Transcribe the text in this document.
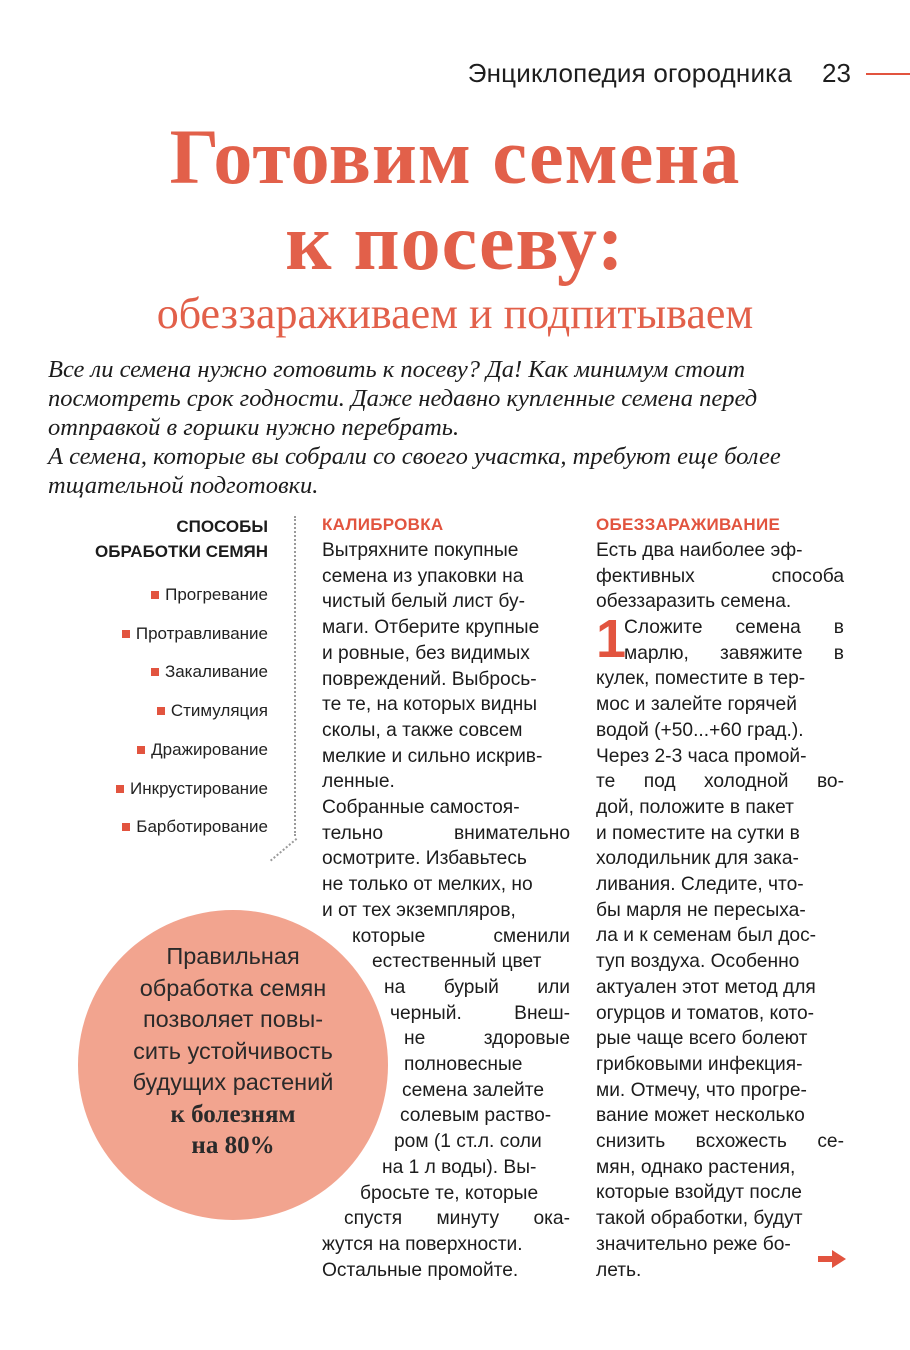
Энциклопедия огородника 23
Готовим семена
к посеву:
обеззараживаем и подпитываем

Все ли семена нужно готовить к посеву? Да! Как минимум стоит посмотреть срок годности. Даже недавно купленные семена перед отправкой в горшки нужно перебрать.

А семена, которые вы собрали со своего участка, требуют еще более тщательной подготовки.

СПОСОБЫ
ОБРАБОТКИ СЕМЯН
Прогревание
Протравливание
Закаливание
Стимуляция
Дражирование
Инкрустирование
Барботирование
Правильная
обработка семян
позволяет повы-
сить устойчивость
будущих растений
к болезням
на 80%
КАЛИБРОВКА
Вытряхните покупные
семена из упаковки на
чистый белый лист бу-
маги. Отберите крупные
и ровные, без видимых
повреждений. Выбрось-
те те, на которых видны
сколы, а также совсем
мелкие и сильно искрив-
ленные.
Собранные самостоя-
тельно	внимательно
осмотрите. Избавьтесь
не только от мелких, но
и от тех экземпляров,
которые	сменили
естественный цвет
на бурый или
черный.	Внеш-
не	здоровые
полновесные
семена залейте
солевым раство-
ром (1 ст.л. соли
на 1 л воды). Вы-
бросьте те, которые
спустя минуту ока-
жутся на поверхности.
Остальные промойте.
ОБЕЗЗАРАЖИВАНИЕ
Есть два наиболее эф-
фективных	способа
обеззаразить семена.
1
Сложите семена в
марлю, завяжите в
кулек, поместите в тер-
мос и залейте горячей
водой (+50...+60 град.).
Через 2-3 часа промой-
те под холодной во-
дой, положите в пакет
и поместите на сутки в
холодильник для зака-
ливания. Следите, что-
бы марля не пересыха-
ла и к семенам был дос-
туп воздуха. Особенно
актуален этот метод для
огурцов и томатов, кото-
рые чаще всего болеют
грибковыми инфекция-
ми. Отмечу, что прогре-
вание может несколько
снизить всхожесть се-
мян, однако растения,
которые взойдут после
такой обработки, будут
значительно реже бо-
леть.
